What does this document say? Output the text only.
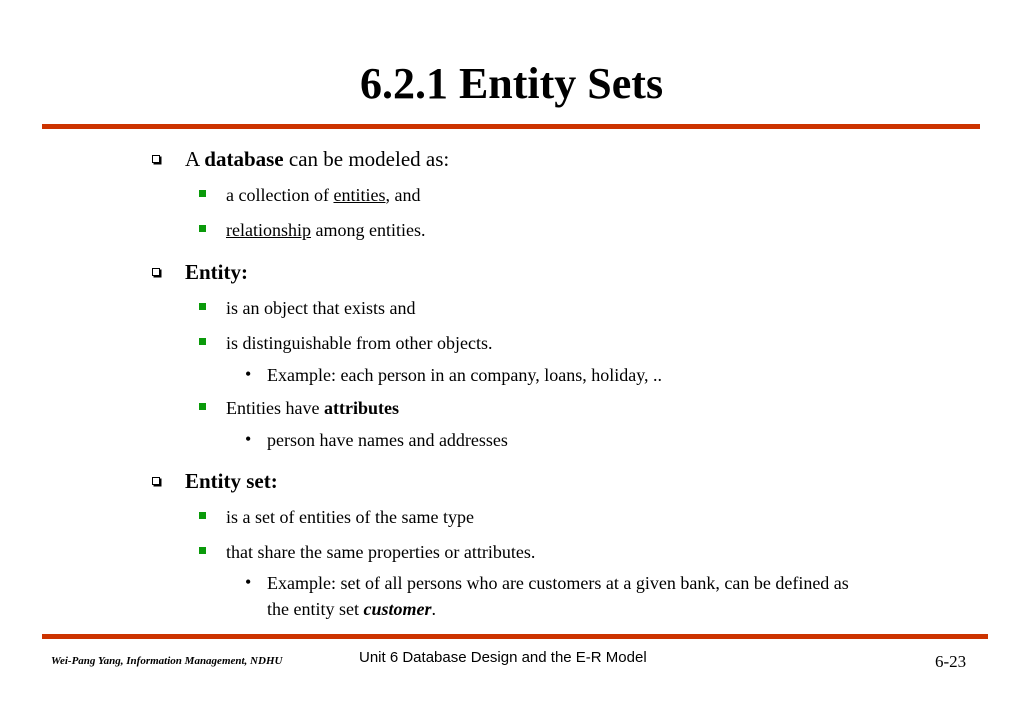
6.2.1 Entity Sets
A database can be modeled as:
a collection of entities, and
relationship among entities.
Entity:
is an object that exists and
is distinguishable from other objects.
• Example: each person in an company, loans, holiday, ..
Entities have attributes
• person have names and addresses
Entity set:
is a set of entities of the same type
that share the same properties or attributes.
• Example: set of all persons who are customers at a given bank, can be defined as
the entity set customer.
Wei-Pang Yang, Information Management, NDHU	Unit 6 Database Design and the E-R Model	6-23
